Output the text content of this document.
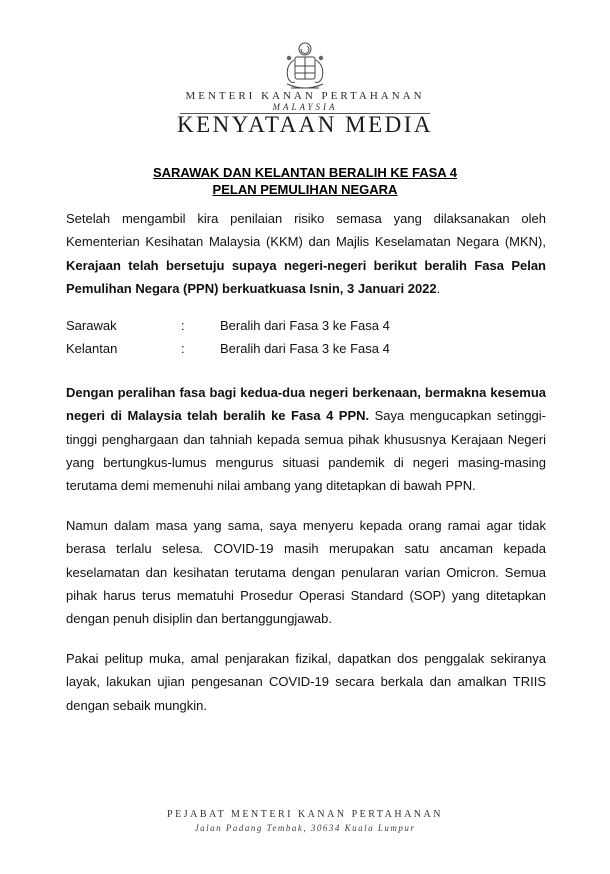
MENTERI KANAN PERTAHANAN
MALAYSIA
KENYATAAN MEDIA
SARAWAK DAN KELANTAN BERALIH KE FASA 4
PELAN PEMULIHAN NEGARA

Setelah mengambil kira penilaian risiko semasa yang dilaksanakan oleh Kementerian Kesihatan Malaysia (KKM) dan Majlis Keselamatan Negara (MKN), Kerajaan telah bersetuju supaya negeri-negeri berikut beralih Fasa Pelan Pemulihan Negara (PPN) berkuatkuasa Isnin, 3 Januari 2022.

Sarawak	:	Beralih dari Fasa 3 ke Fasa 4
Kelantan	:	Beralih dari Fasa 3 ke Fasa 4

Dengan peralihan fasa bagi kedua-dua negeri berkenaan, bermakna kesemua negeri di Malaysia telah beralih ke Fasa 4 PPN. Saya mengucapkan setinggi-tinggi penghargaan dan tahniah kepada semua pihak khususnya Kerajaan Negeri yang bertungkus-lumus mengurus situasi pandemik di negeri masing-masing terutama demi memenuhi nilai ambang yang ditetapkan di bawah PPN.

Namun dalam masa yang sama, saya menyeru kepada orang ramai agar tidak berasa terlalu selesa. COVID-19 masih merupakan satu ancaman kepada keselamatan dan kesihatan terutama dengan penularan varian Omicron. Semua pihak harus terus mematuhi Prosedur Operasi Standard (SOP) yang ditetapkan dengan penuh disiplin dan bertanggungjawab.

Pakai pelitup muka, amal penjarakan fizikal, dapatkan dos penggalak sekiranya layak, lakukan ujian pengesanan COVID-19 secara berkala dan amalkan TRIIS dengan sebaik mungkin.

PEJABAT MENTERI KANAN PERTAHANAN
Jalan Padang Tembak, 30634 Kuala Lumpur
